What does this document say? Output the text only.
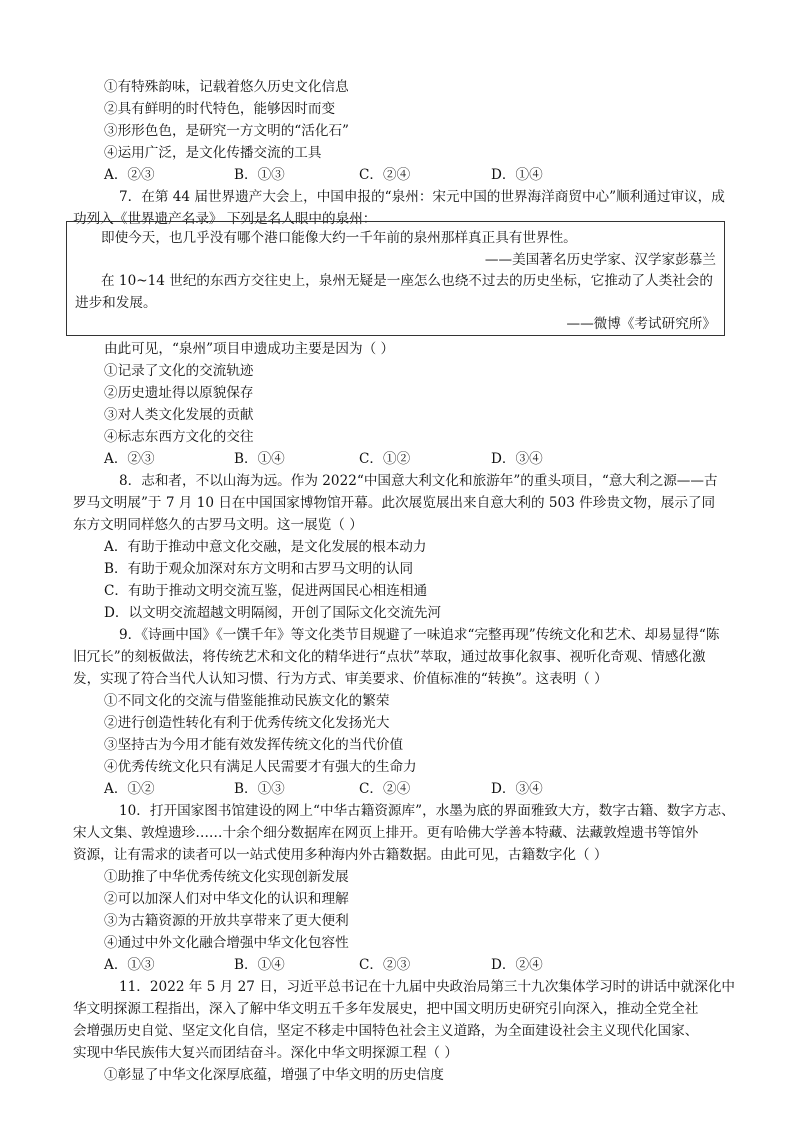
①有特殊韵味，记载着悠久历史文化信息
②具有鲜明的时代特色，能够因时而变
③形形色色，是研究一方文明的“活化石”
④运用广泛，是文化传播交流的工具
A．②③	B．①③	C．②④	D．①④
7．在第 44 届世界遗产大会上，中国申报的“泉州：宋元中国的世界海洋商贸中心”顺利通过审议，成
功列入《世界遗产名录》 下列是名人眼中的泉州：
即使今天，也几乎没有哪个港口能像大约一千年前的泉州那样真正具有世界性。
——美国著名历史学家、汉学家彭慕兰
在 10~14 世纪的东西方交往史上，泉州无疑是一座怎么也绕不过去的历史坐标，它推动了人类社会的
进步和发展。
——微博《考试研究所》
由此可见，“泉州”项目申遗成功主要是因为（ ）
①记录了文化的交流轨迹
②历史遗址得以原貌保存
③对人类文化发展的贡献
④标志东西方文化的交往
A．②③	B．①④	C．①②	D．③④
8．志和者，不以山海为远。作为 2022“中国意大利文化和旅游年”的重头项目，“意大利之源——古
罗马文明展”于 7 月 10 日在中国国家博物馆开幕。此次展览展出来自意大利的 503 件珍贵文物，展示了同
东方文明同样悠久的古罗马文明。这一展览（ ）
A．有助于推动中意文化交融，是文化发展的根本动力
B．有助于观众加深对东方文明和古罗马文明的认同
C．有助于推动文明交流互鉴，促进两国民心相连相通
D．以文明交流超越文明隔阂，开创了国际文化交流先河
9．《诗画中国》《一馔千年》等文化类节目规避了一味追求“完整再现”传统文化和艺术、却易显得“陈
旧冗长”的刻板做法，将传统艺术和文化的精华进行“点状”萃取，通过故事化叙事、视听化奇观、情感化激
发，实现了符合当代人认知习惯、行为方式、审美要求、价值标准的“转换”。这表明（ ）
①不同文化的交流与借鉴能推动民族文化的繁荣
②进行创造性转化有利于优秀传统文化发扬光大
③坚持古为今用才能有效发挥传统文化的当代价值
④优秀传统文化只有满足人民需要才有强大的生命力
A．①②	B．①③	C．②④	D．③④
10．打开国家图书馆建设的网上“中华古籍资源库”，水墨为底的界面雅致大方，数字古籍、数字方志、
宋人文集、敦煌遗珍……十余个细分数据库在网页上排开。更有哈佛大学善本特藏、法藏敦煌遗书等馆外
资源，让有需求的读者可以一站式使用多种海内外古籍数据。由此可见，古籍数字化（ ）
①助推了中华优秀传统文化实现创新发展
②可以加深人们对中华文化的认识和理解
③为古籍资源的开放共享带来了更大便利
④通过中外文化融合增强中华文化包容性
A．①③	B．①④	C．②③	D．②④
11．2022 年 5 月 27 日，习近平总书记在十九届中央政治局第三十九次集体学习时的讲话中就深化中
华文明探源工程指出，深入了解中华文明五千多年发展史，把中国文明历史研究引向深入，推动全党全社
会增强历史自觉、坚定文化自信，坚定不移走中国特色社会主义道路，为全面建设社会主义现代化国家、
实现中华民族伟大复兴而团结奋斗。深化中华文明探源工程（ ）
①彰显了中华文化深厚底蕴，增强了中华文明的历史信度
